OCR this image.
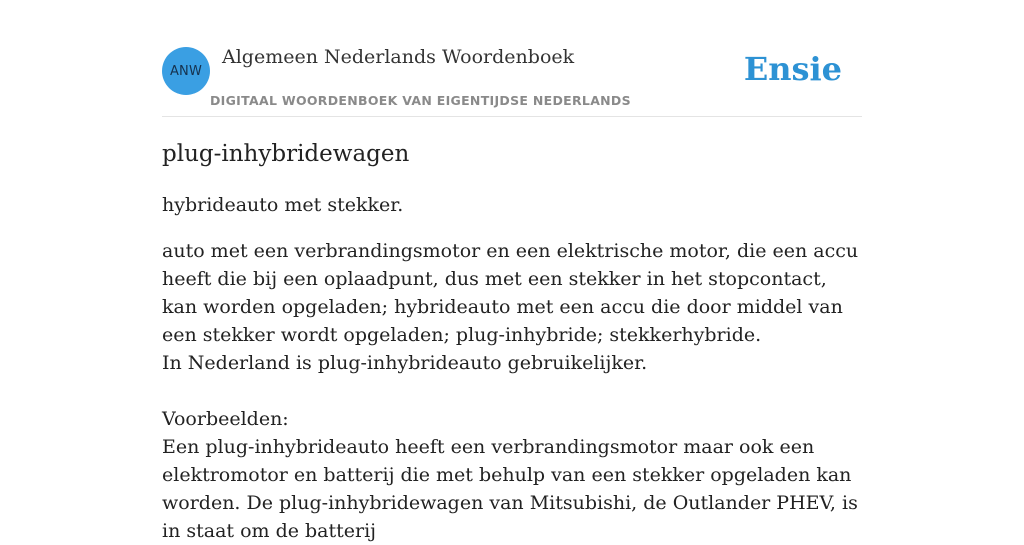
ANW
Algemeen Nederlands Woordenboek
DIGITAAL WOORDENBOEK VAN EIGENTIJDSE NEDERLANDS
Ensie
plug-inhybridewagen

hybrideauto met stekker.

auto met een verbrandingsmotor en een elektrische motor, die een accu heeft die bij een oplaadpunt, dus met een stekker in het stopcontact, kan worden opgeladen; hybrideauto met een accu die door middel van een stekker wordt opgeladen; plug-inhybride; stekkerhybride.
In Nederland is plug-inhybrideauto gebruikelijker.
Voorbeelden:
Een plug-inhybrideauto heeft een verbrandingsmotor maar ook een elektromotor en batterij die met behulp van een stekker opgeladen kan worden. De plug-inhybridewagen van Mitsubishi, de Outlander PHEV, is in staat om de batterij
